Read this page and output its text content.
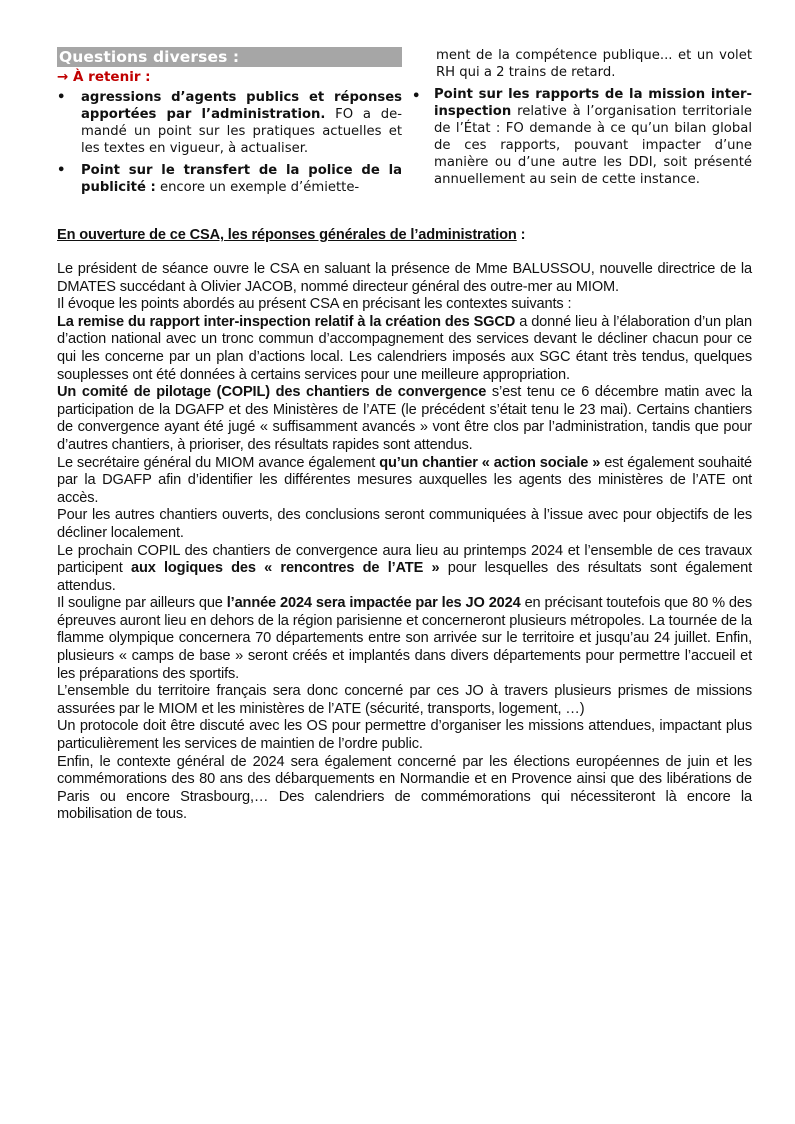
Questions diverses :
→ À retenir :
• agressions d’agents publics et réponses apportées par l’administration. FO a demandé un point sur les pratiques actuelles et les textes en vigueur, à actualiser.
• Point sur le transfert de la police de la publicité : encore un exemple d’émiette-
ment de la compétence publique... et un volet RH qui a 2 trains de retard.
• Point sur les rapports de la mission inter-inspection relative à l’organisation territoriale de l’État : FO demande à ce qu’un bilan global de ces rapports, pouvant impacter d’une manière ou d’une autre les DDI, soit présenté annuellement au sein de cette instance.
En ouverture de ce CSA, les réponses générales de l’administration :

Le président de séance ouvre le CSA en saluant la présence de Mme BALUSSOU, nouvelle directrice de la DMATES succédant à Olivier JACOB, nommé directeur général des outre-mer au MIOM.

Il évoque les points abordés au présent CSA en précisant les contextes suivants :

La remise du rapport inter-inspection relatif à la création des SGCD a donné lieu à l’élaboration d’un plan d’action national avec un tronc commun d’accompagnement des services devant le décliner chacun pour ce qui les concerne par un plan d’actions local. Les calendriers imposés aux SGC étant très tendus, quelques souplesses ont été données à certains services pour une meilleure appropriation.

Un comité de pilotage (COPIL) des chantiers de convergence s’est tenu ce 6 décembre matin avec la participation de la DGAFP et des Ministères de l’ATE (le précédent s’était tenu le 23 mai). Certains chantiers de convergence ayant été jugé « suffisamment avancés » vont être clos par l’administration, tandis que pour d’autres chantiers, à prioriser, des résultats rapides sont attendus.

Le secrétaire général du MIOM avance également qu’un chantier « action sociale » est également souhaité par la DGAFP afin d’identifier les différentes mesures auxquelles les agents des ministères de l’ATE ont accès.

Pour les autres chantiers ouverts, des conclusions seront communiquées à l’issue avec pour objectifs de les décliner localement.

Le prochain COPIL des chantiers de convergence aura lieu au printemps 2024 et l’ensemble de ces travaux participent aux logiques des « rencontres de l’ATE » pour lesquelles des résultats sont également attendus.

Il souligne par ailleurs que l’année 2024 sera impactée par les JO 2024 en précisant toutefois que 80 % des épreuves auront lieu en dehors de la région parisienne et concerneront plusieurs métropoles. La tournée de la flamme olympique concernera 70 départements entre son arrivée sur le territoire et jusqu’au 24 juillet. Enfin, plusieurs « camps de base » seront créés et implantés dans divers départements pour permettre l’accueil et les préparations des sportifs.

L’ensemble du territoire français sera donc concerné par ces JO à travers plusieurs prismes de missions assurées par le MIOM et les ministères de l’ATE (sécurité, transports, logement, …)

Un protocole doit être discuté avec les OS pour permettre d’organiser les missions attendues, impactant plus particulièrement les services de maintien de l’ordre public.

Enfin, le contexte général de 2024 sera également concerné par les élections européennes de juin et les commémorations des 80 ans des débarquements en Normandie et en Provence ainsi que des libérations de Paris ou encore Strasbourg,… Des calendriers de commémorations qui nécessiteront là encore la mobilisation de tous.
